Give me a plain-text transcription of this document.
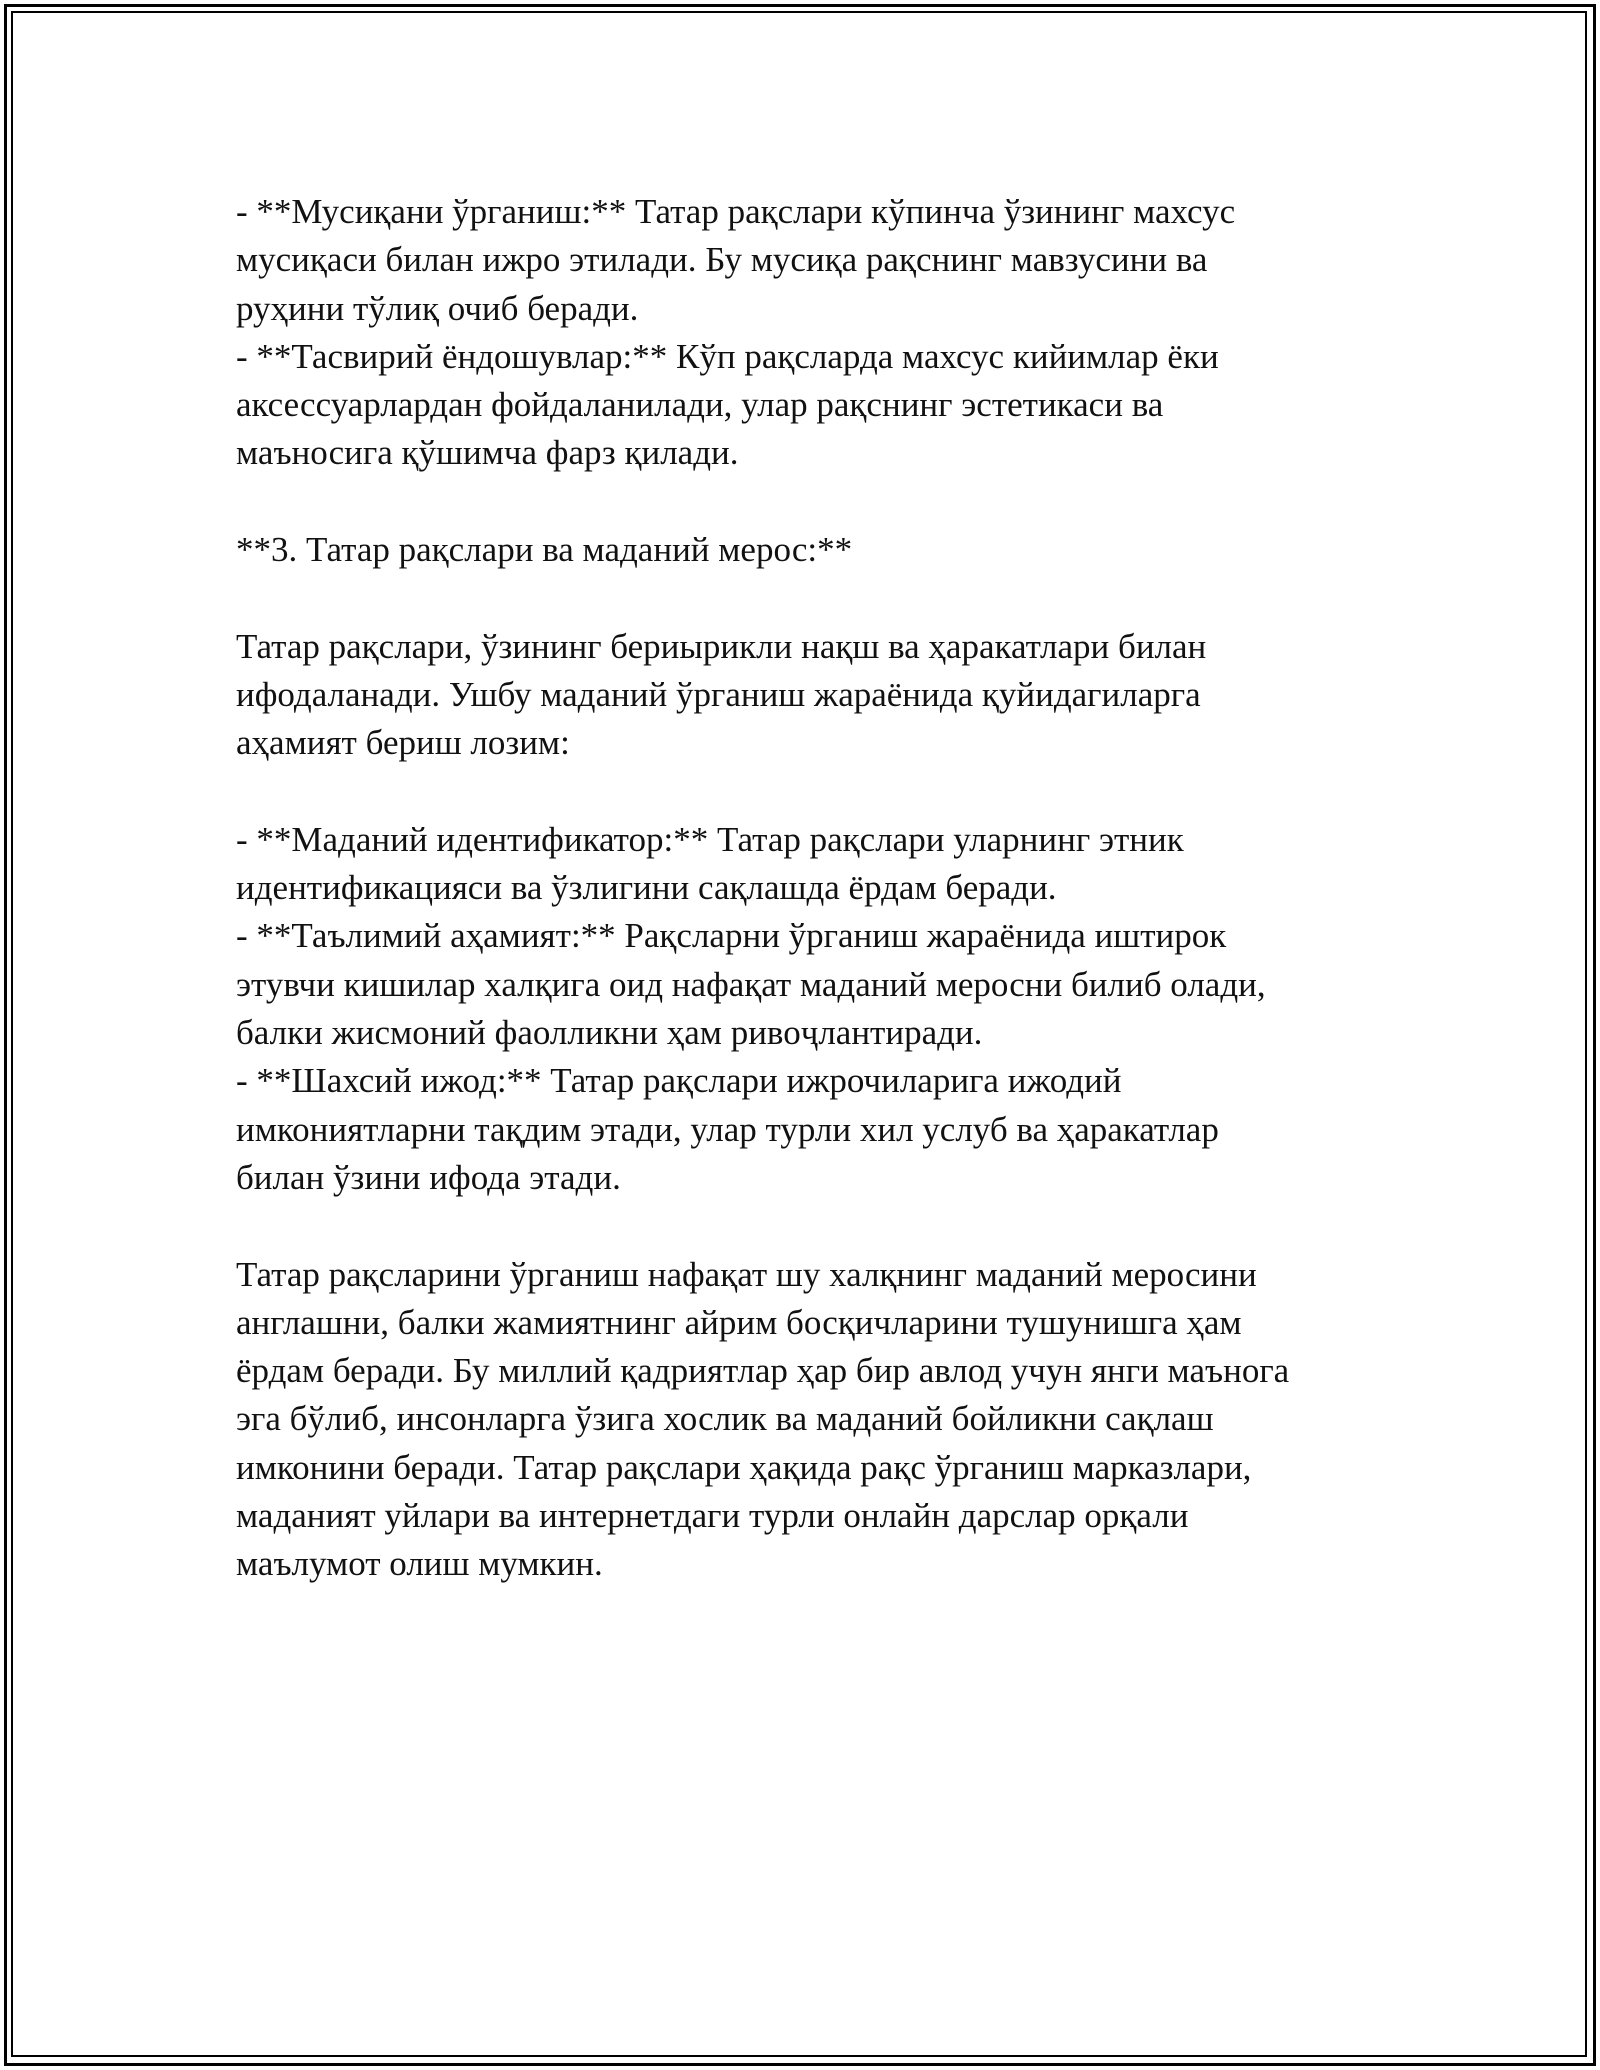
- **Мусиқани ўрганиш:** Татар рақслари кўпинча ўзининг махсус
мусиқаси билан ижро этилади. Бу мусиқа рақснинг мавзусини ва
руҳини тўлиқ очиб беради.
- **Тасвирий ёндошувлар:** Кўп рақсларда махсус кийимлар ёки
аксессуарлардан фойдаланилади, улар рақснинг эстетикаси ва
маъносига қўшимча фарз қилади.
**3. Татар рақслари ва маданий мерос:**
Татар рақслари, ўзининг бериырикли нақш ва ҳаракатлари билан
ифодаланади. Ушбу маданий ўрганиш жараёнида қуйидагиларга
аҳамият бериш лозим:
- **Маданий идентификатор:** Татар рақслари уларнинг этник
идентификацияси ва ўзлигини сақлашда ёрдам беради.
- **Таълимий аҳамият:** Рақсларни ўрганиш жараёнида иштирок
этувчи кишилар халқига оид нафақат маданий меросни билиб олади,
балки жисмоний фаолликни ҳам ривоҷлантиради.
- **Шахсий ижод:** Татар рақслари ижрочиларига ижодий
имкониятларни тақдим этади, улар турли хил услуб ва ҳаракатлар
билан ўзини ифода этади.
Татар рақсларини ўрганиш нафақат шу халқнинг маданий меросини
англашни, балки жамиятнинг айрим босқичларини тушунишга ҳам
ёрдам беради. Бу миллий қадриятлар ҳар бир авлод учун янги маънога
эга бўлиб, инсонларга ўзига хослик ва маданий бойликни сақлаш
имконини беради. Татар рақслари ҳақида рақс ўрганиш марказлари,
маданият уйлари ва интернетдаги турли онлайн дарслар орқали
маълумот олиш мумкин.
